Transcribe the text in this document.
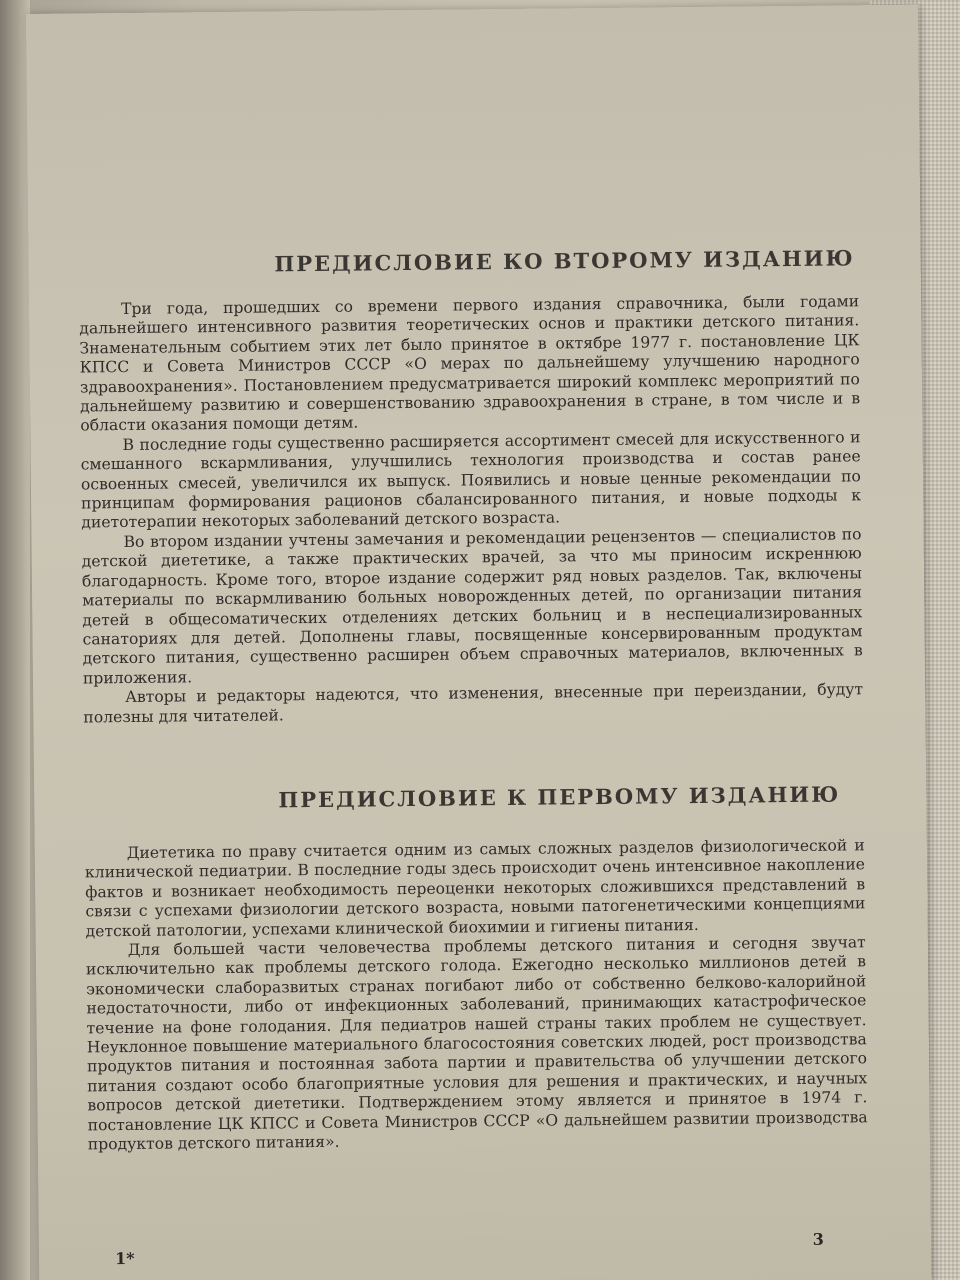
ПРЕДИСЛОВИЕ КО ВТОРОМУ ИЗДАНИЮ

Три года, прошедших со времени первого издания справочника, были годами дальнейшего интенсивного развития теоретических основ и практики детского питания. Знаменательным событием этих лет было принятое в октябре 1977 г. постановление ЦК КПСС и Совета Министров СССР «О мерах по дальнейшему улучшению народного здравоохранения». Постановлением предусматривается широкий комплекс мероприятий по дальнейшему развитию и совершенствованию здравоохранения в стране, в том числе и в области оказания помощи детям.

В последние годы существенно расширяется ассортимент смесей для искусственного и смешанного вскармливания, улучшились технология производства и состав ранее освоенных смесей, увеличился их выпуск. Появились и новые ценные рекомендации по принципам формирования рационов сбалансированного питания, и новые подходы к диетотерапии некоторых заболеваний детского возраста.

Во втором издании учтены замечания и рекомендации рецензентов — специалистов по детской диететике, а также практических врачей, за что мы приносим искреннюю благодарность. Кроме того, второе издание содержит ряд новых разделов. Так, включены материалы по вскармливанию больных новорожденных детей, по организации питания детей в общесоматических отделениях детских больниц и в неспециализированных санаториях для детей. Дополнены главы, посвященные консервированным продуктам детского питания, существенно расширен объем справочных материалов, включенных в приложения.

Авторы и редакторы надеются, что изменения, внесенные при переиздании, будут полезны для читателей.

ПРЕДИСЛОВИЕ К ПЕРВОМУ ИЗДАНИЮ

Диететика по праву считается одним из самых сложных разделов физиологической и клинической педиатрии. В последние годы здесь происходит очень интенсивное накопление фактов и возникает необходимость переоценки некоторых сложившихся представлений в связи с успехами физиологии детского возраста, новыми патогенетическими концепциями детской патологии, успехами клинической биохимии и гигиены питания.

Для большей части человечества проблемы детского питания и сегодня звучат исключительно как проблемы детского голода. Ежегодно несколько миллионов детей в экономически слаборазвитых странах погибают либо от собственно белково-калорийной недостаточности, либо от инфекционных заболеваний, принимающих катастрофическое течение на фоне голодания. Для педиатров нашей страны таких проблем не существует. Неуклонное повышение материального благосостояния советских людей, рост производства продуктов питания и постоянная забота партии и правительства об улучшении детского питания создают особо благоприятные условия для решения и практических, и научных вопросов детской диететики. Подтверждением этому является и принятое в 1974 г. постановление ЦК КПСС и Совета Министров СССР «О дальнейшем развитии производства продуктов детского питания».

1*
3
